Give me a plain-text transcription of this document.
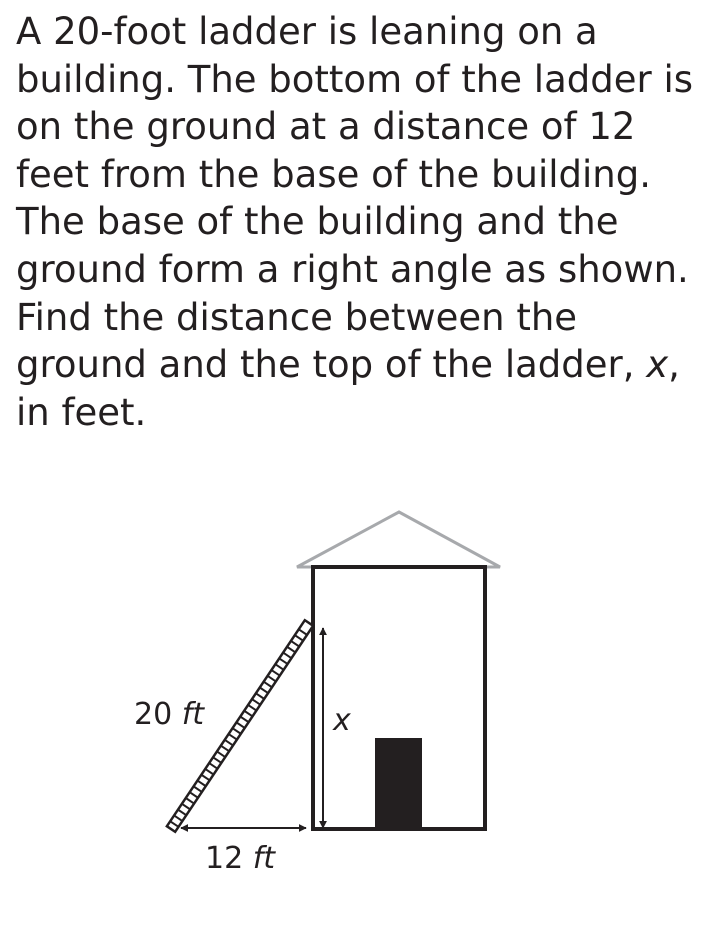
A 20-foot ladder is leaning on a building. The bottom of the ladder is on the ground at a distance of 12 feet from the base of the building. The base of the building and the ground form a right angle as shown. Find the distance between the ground and the top of the ladder, x, in feet.
20 ft
12 ft
x
